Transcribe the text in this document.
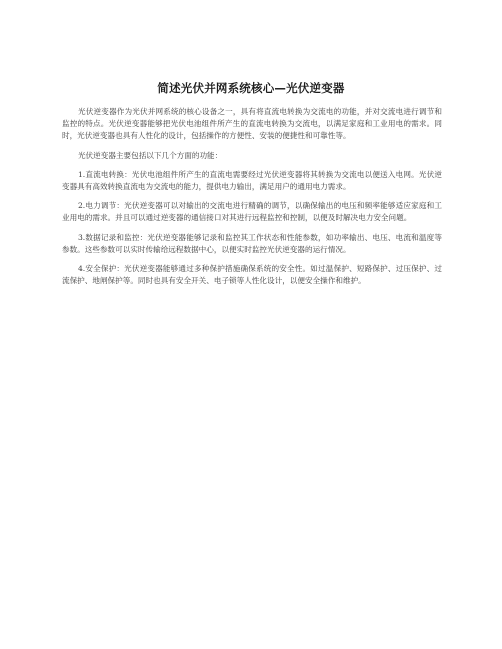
简述光伏并网系统核心—光伏逆变器

光伏逆变器作为光伏并网系统的核心设备之一，具有将直流电转换为交流电的功能，并对交流电进行调节和监控的特点。光伏逆变器能够把光伏电池组件所产生的直流电转换为交流电，以满足家庭和工业用电的需求。同时，光伏逆变器也具有人性化的设计，包括操作的方便性、安装的便捷性和可靠性等。

光伏逆变器主要包括以下几个方面的功能：

1.直流电转换：光伏电池组件所产生的直流电需要经过光伏逆变器将其转换为交流电以便送入电网。光伏逆变器具有高效转换直流电为交流电的能力，提供电力输出，满足用户的通用电力需求。

2.电力调节：光伏逆变器可以对输出的交流电进行精确的调节，以确保输出的电压和频率能够适应家庭和工业用电的需求。并且可以通过逆变器的通信接口对其进行远程监控和控制，以便及时解决电力安全问题。

3.数据记录和监控：光伏逆变器能够记录和监控其工作状态和性能参数，如功率输出、电压、电流和温度等参数。这些参数可以实时传输给远程数据中心，以便实时监控光伏逆变器的运行情况。

4.安全保护：光伏逆变器能够通过多种保护措施确保系统的安全性。如过温保护、短路保护、过压保护、过流保护、地闸保护等。同时也具有安全开关、电子锁等人性化设计，以便安全操作和维护。
